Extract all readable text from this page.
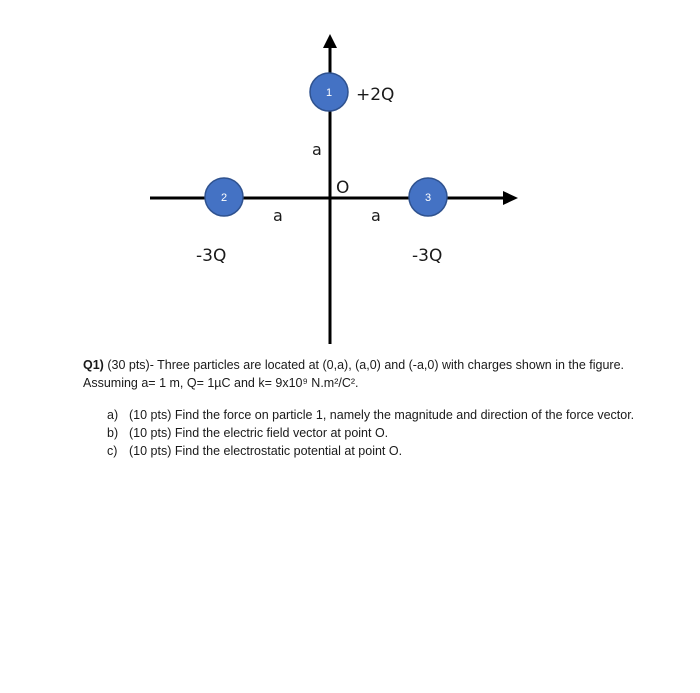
O
a
a	a
1 +2Q
2
-3Q
3
-3Q

Q1) (30 pts)- Three particles are located at (0,a), (a,0) and (-a,0) with charges shown in the figure. Assuming a= 1 m, Q= 1µC and k= 9x10⁹ N.m²/C².

a) (10 pts) Find the force on particle 1, namely the magnitude and direction of the force vector.
b) (10 pts) Find the electric field vector at point O.
c) (10 pts) Find the electrostatic potential at point O.
